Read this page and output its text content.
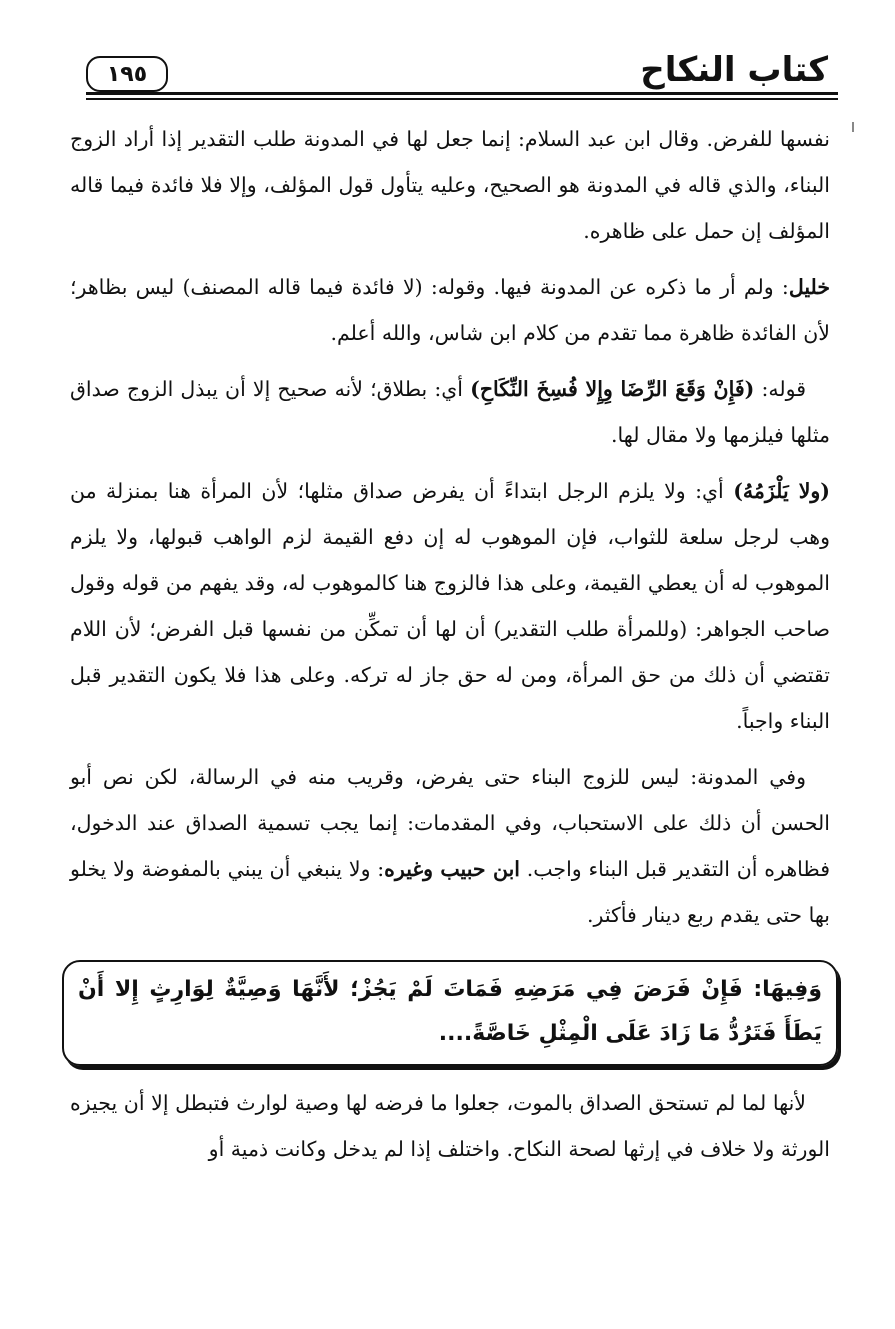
كتاب النكاح
١٩٥

نفسها للفرض. وقال ابن عبد السلام: إنما جعل لها في المدونة طلب التقدير إذا أراد الزوج البناء، والذي قاله في المدونة هو الصحيح، وعليه يتأول قول المؤلف، وإلا فلا فائدة فيما قاله المؤلف إن حمل على ظاهره.

خليل: ولم أر ما ذكره عن المدونة فيها. وقوله: (لا فائدة فيما قاله المصنف) ليس بظاهر؛ لأن الفائدة ظاهرة مما تقدم من كلام ابن شاس، والله أعلم.

قوله: (فَإِنْ وَقَعَ الرِّضَا وِإِلا فُسِخَ النِّكَاحِ) أي: بطلاق؛ لأنه صحيح إلا أن يبذل الزوج صداق مثلها فيلزمها ولا مقال لها.

(ولا يَلْزَمُهُ) أي: ولا يلزم الرجل ابتداءً أن يفرض صداق مثلها؛ لأن المرأة هنا بمنزلة من وهب لرجل سلعة للثواب، فإن الموهوب له إن دفع القيمة لزم الواهب قبولها، ولا يلزم الموهوب له أن يعطي القيمة، وعلى هذا فالزوج هنا كالموهوب له، وقد يفهم من قوله وقول صاحب الجواهر: (وللمرأة طلب التقدير) أن لها أن تمكِّن من نفسها قبل الفرض؛ لأن اللام تقتضي أن ذلك من حق المرأة، ومن له حق جاز له تركه. وعلى هذا فلا يكون التقدير قبل البناء واجباً.

وفي المدونة: ليس للزوج البناء حتى يفرض، وقريب منه في الرسالة، لكن نص أبو الحسن أن ذلك على الاستحباب، وفي المقدمات: إنما يجب تسمية الصداق عند الدخول، فظاهره أن التقدير قبل البناء واجب. ابن حبيب وغيره: ولا ينبغي أن يبني بالمفوضة ولا يخلو بها حتى يقدم ربع دينار فأكثر.

وَفِيهَا: فَإِنْ فَرَضَ فِي مَرَضِهِ فَمَاتَ لَمْ يَجُزْ؛ لأَنَّهَا وَصِيَّةٌ لِوَارِثٍ إِلا أَنْ يَطَأَ فَتَرُدُّ مَا زَادَ عَلَى الْمِثْلِ خَاصَّةً....

لأنها لما لم تستحق الصداق بالموت، جعلوا ما فرضه لها وصية لوارث فتبطل إلا أن يجيزه الورثة ولا خلاف في إرثها لصحة النكاح. واختلف إذا لم يدخل وكانت ذمية أو
